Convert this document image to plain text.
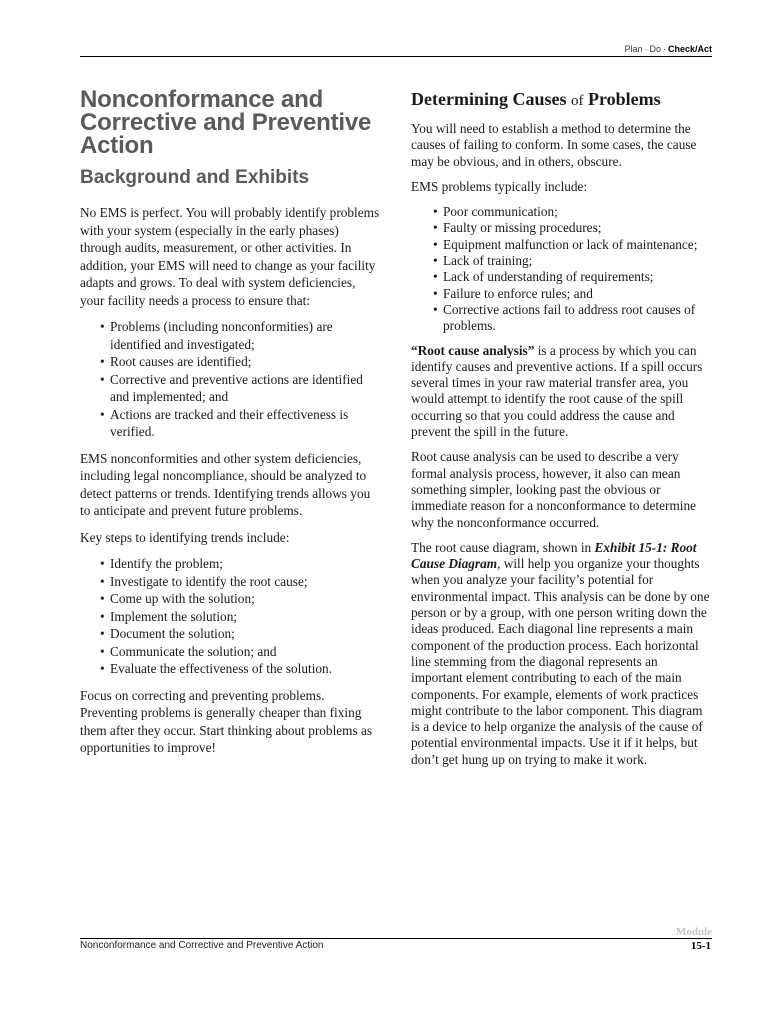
Plan · Do · Check/Act
Nonconformance and Corrective and Preventive Action
Background and Exhibits

No EMS is perfect. You will probably identify problems with your system (especially in the early phases) through audits, measurement, or other activities. In addition, your EMS will need to change as your facility adapts and grows. To deal with system deficiencies, your facility needs a process to ensure that:

• Problems (including nonconformities) are identified and investigated;
• Root causes are identified;
• Corrective and preventive actions are identified and implemented; and
• Actions are tracked and their effectiveness is verified.

EMS nonconformities and other system deficiencies, including legal noncompliance, should be analyzed to detect patterns or trends. Identifying trends allows you to anticipate and prevent future problems.

Key steps to identifying trends include:

• Identify the problem;
• Investigate to identify the root cause;
• Come up with the solution;
• Implement the solution;
• Document the solution;
• Communicate the solution; and
• Evaluate the effectiveness of the solution.

Focus on correcting and preventing problems. Preventing problems is generally cheaper than fixing them after they occur. Start thinking about problems as opportunities to improve!

Determining Causes of Problems

You will need to establish a method to determine the causes of failing to conform. In some cases, the cause may be obvious, and in others, obscure.

EMS problems typically include:

• Poor communication;
• Faulty or missing procedures;
• Equipment malfunction or lack of maintenance;
• Lack of training;
• Lack of understanding of requirements;
• Failure to enforce rules; and
• Corrective actions fail to address root causes of problems.

“Root cause analysis” is a process by which you can identify causes and preventive actions. If a spill occurs several times in your raw material transfer area, you would attempt to identify the root cause of the spill occurring so that you could address the cause and prevent the spill in the future.

Root cause analysis can be used to describe a very formal analysis process, however, it also can mean something simpler, looking past the obvious or immediate reason for a nonconformance to determine why the nonconformance occurred.

The root cause diagram, shown in Exhibit 15-1: Root Cause Diagram, will help you organize your thoughts when you analyze your facility’s potential for environmental impact. This analysis can be done by one person or by a group, with one person writing down the ideas produced. Each diagonal line represents a main component of the production process. Each horizontal line stemming from the diagonal represents an important element contributing to each of the main components. For example, elements of work practices might contribute to the labor component. This diagram is a device to help organize the analysis of the cause of potential environmental impacts. Use it if it helps, but don’t get hung up on trying to make it work.

Nonconformance and Corrective and Preventive Action
Module
15-1
